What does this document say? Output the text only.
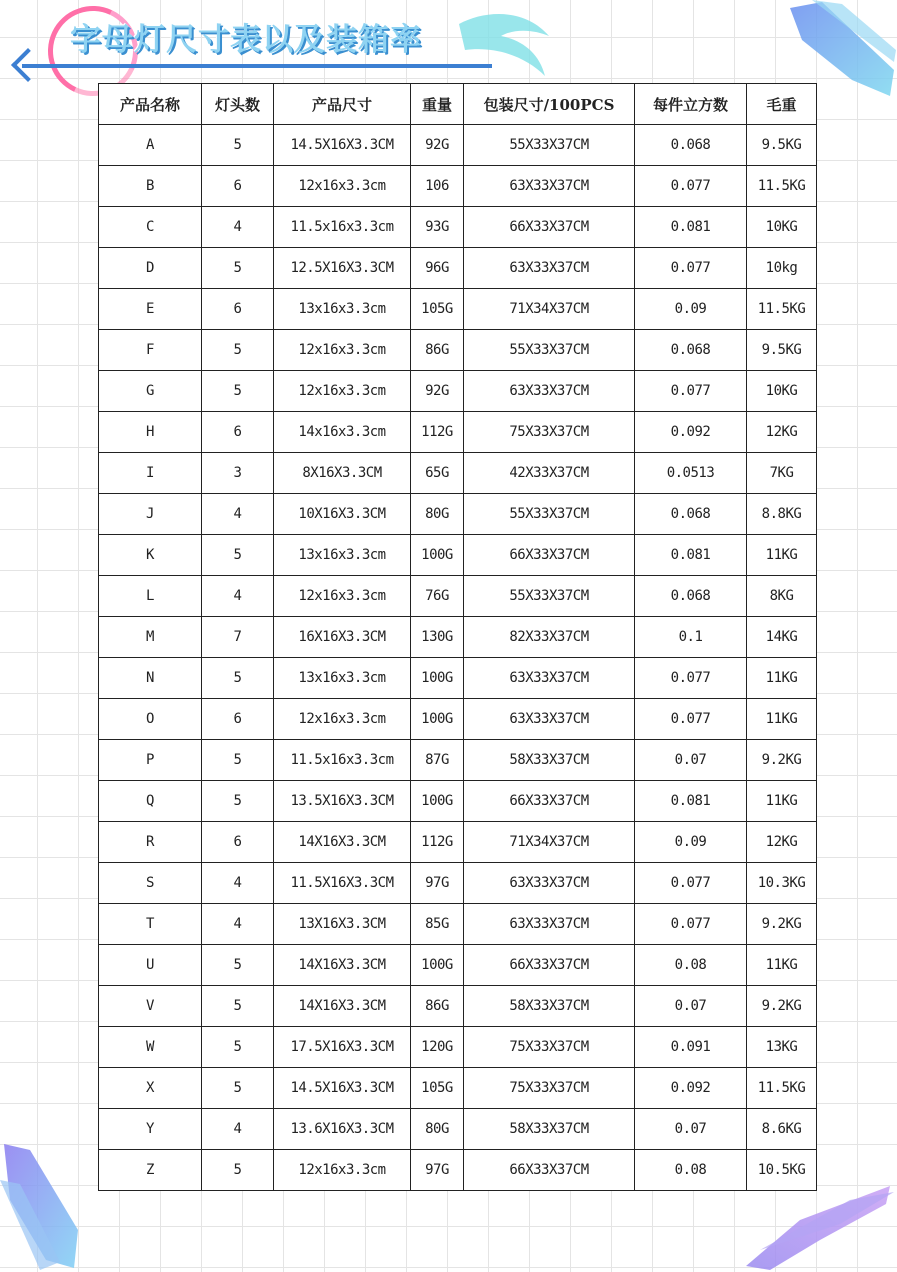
字母灯尺寸表以及装箱率
产品名称	灯头数	产品尺寸	重量	包装尺寸/100PCS	每件立方数	毛重
A	5	14.5X16X3.3CM	92G	55X33X37CM	0.068	9.5KG
B	6	12x16x3.3cm	106	63X33X37CM	0.077	11.5KG
C	4	11.5x16x3.3cm	93G	66X33X37CM	0.081	10KG
D	5	12.5X16X3.3CM	96G	63X33X37CM	0.077	10kg
E	6	13x16x3.3cm	105G	71X34X37CM	0.09	11.5KG
F	5	12x16x3.3cm	86G	55X33X37CM	0.068	9.5KG
G	5	12x16x3.3cm	92G	63X33X37CM	0.077	10KG
H	6	14x16x3.3cm	112G	75X33X37CM	0.092	12KG
I	3	8X16X3.3CM	65G	42X33X37CM	0.0513	7KG
J	4	10X16X3.3CM	80G	55X33X37CM	0.068	8.8KG
K	5	13x16x3.3cm	100G	66X33X37CM	0.081	11KG
L	4	12x16x3.3cm	76G	55X33X37CM	0.068	8KG
M	7	16X16X3.3CM	130G	82X33X37CM	0.1	14KG
N	5	13x16x3.3cm	100G	63X33X37CM	0.077	11KG
O	6	12x16x3.3cm	100G	63X33X37CM	0.077	11KG
P	5	11.5x16x3.3cm	87G	58X33X37CM	0.07	9.2KG
Q	5	13.5X16X3.3CM	100G	66X33X37CM	0.081	11KG
R	6	14X16X3.3CM	112G	71X34X37CM	0.09	12KG
S	4	11.5X16X3.3CM	97G	63X33X37CM	0.077	10.3KG
T	4	13X16X3.3CM	85G	63X33X37CM	0.077	9.2KG
U	5	14X16X3.3CM	100G	66X33X37CM	0.08	11KG
V	5	14X16X3.3CM	86G	58X33X37CM	0.07	9.2KG
W	5	17.5X16X3.3CM	120G	75X33X37CM	0.091	13KG
X	5	14.5X16X3.3CM	105G	75X33X37CM	0.092	11.5KG
Y	4	13.6X16X3.3CM	80G	58X33X37CM	0.07	8.6KG
Z	5	12x16x3.3cm	97G	66X33X37CM	0.08	10.5KG
